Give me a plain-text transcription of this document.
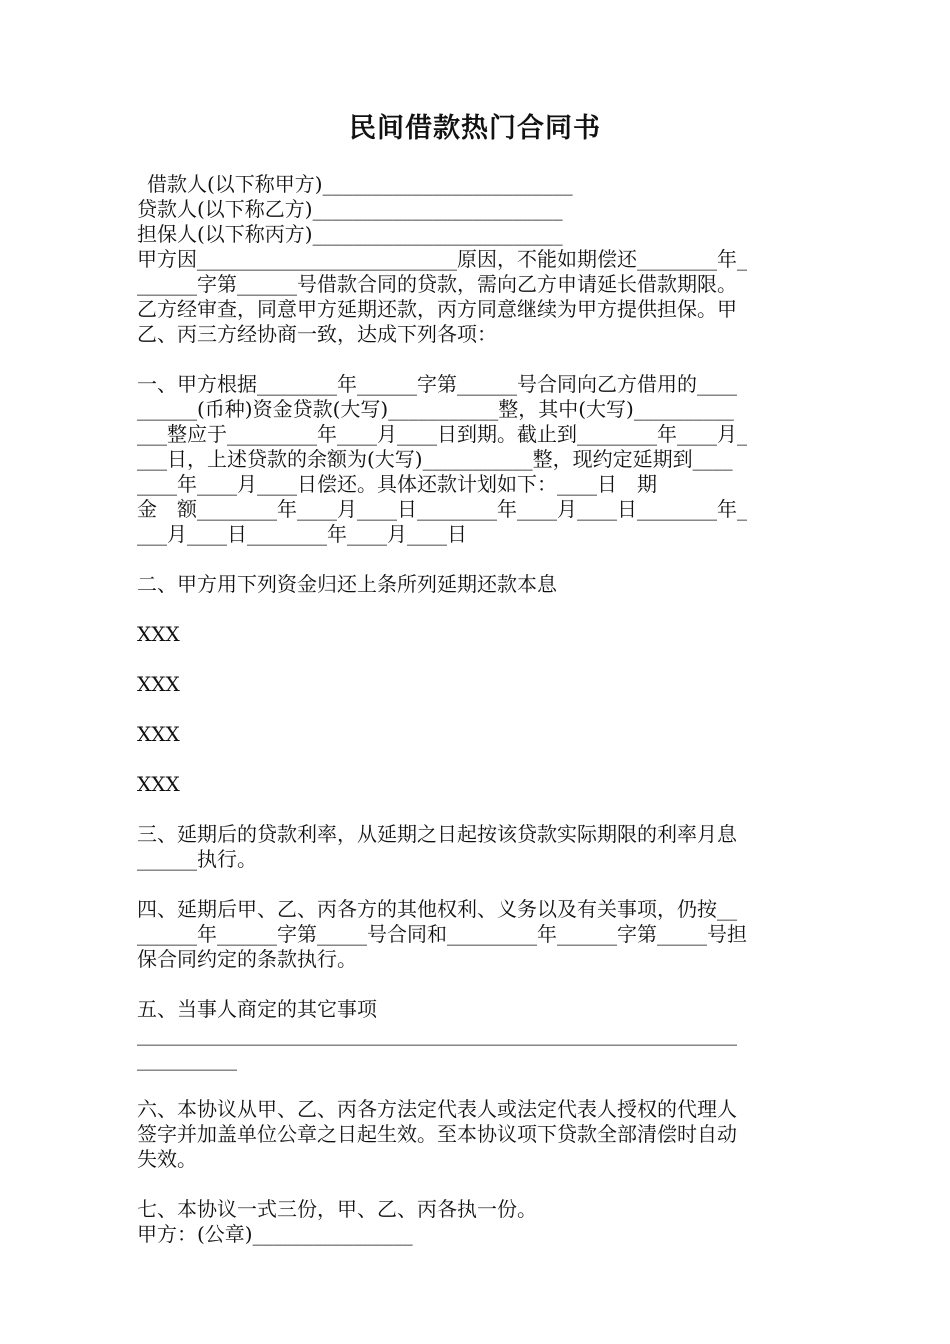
民间借款热门合同书
借款人(以下称甲方)_________________________
贷款人(以下称乙方)_________________________
担保人(以下称丙方)_________________________
甲方因__________________________原因，不能如期偿还________年_
______字第______号借款合同的贷款，需向乙方申请延长借款期限。
乙方经审查，同意甲方延期还款，丙方同意继续为甲方提供担保。甲
乙、丙三方经协商一致，达成下列各项：
一、甲方根据________年______字第______号合同向乙方借用的____
______(币种)资金贷款(大写)___________整，其中(大写)__________
___整应于_________年____月____日到期。截止到________年____月_
___日，上述贷款的余额为(大写)___________整，现约定延期到____
____年____月____日偿还。具体还款计划如下：____日　期
金　额________年____月____日________年____月____日________年_
___月____日________年____月____日
二、甲方用下列资金归还上条所列延期还款本息
XXX
XXX
XXX
XXX
三、延期后的贷款利率，从延期之日起按该贷款实际期限的利率月息
______执行。
四、延期后甲、乙、丙各方的其他权利、义务以及有关事项，仍按__
______年______字第_____号合同和_________年______字第_____号担
保合同约定的条款执行。
五、当事人商定的其它事项
____________________________________________________________
__________
六、本协议从甲、乙、丙各方法定代表人或法定代表人授权的代理人
签字并加盖单位公章之日起生效。至本协议项下贷款全部清偿时自动
失效。
七、本协议一式三份，甲、乙、丙各执一份。
甲方：(公章)________________
